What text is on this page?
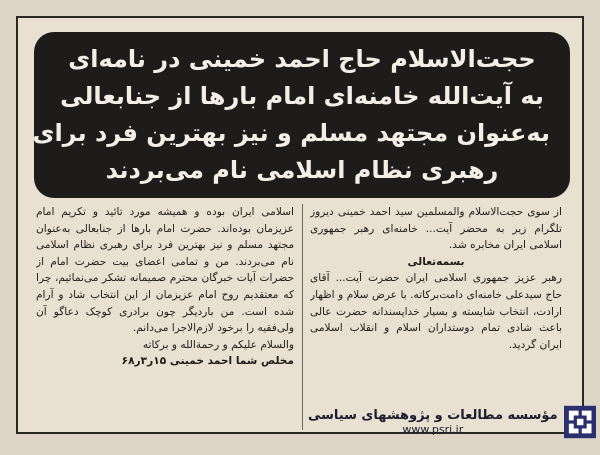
حجت‌الاسلام حاج احمد خمینی در نامه‌ای
به آیت‌الله خامنه‌ای امام بارها از جنابعالی
به‌عنوان مجتهد مسلم و نیز بهترین فرد برای
رهبری نظام اسلامی نام می‌بردند

از سوی حجت‌الاسلام والمسلمین سید احمد خمینی دیروز تلگرام زیر به محضر آیت... خامنه‌ای رهبر جمهوری اسلامی ایران مخابره شد.

بسمه‌تعالی

رهبر عزیز جمهوری اسلامی ایران حضرت آیت... آقای حاج سیدعلی خامنه‌ای دامت‌برکاته. با عرض سلام و اظهار ارادت، انتخاب شایسته و بسیار خداپسندانه حضرت عالی باعث شادی تمام دوستداران اسلام و انقلاب اسلامی ایران گردید.

اسلامی ایران بوده و همیشه مورد تائید و تکریم امام عزیزمان بوده‌اند. حضرت امام بارها از جنابعالی به‌عنوان مجتهد مسلم و نیز بهترین فرد برای رهبری نظام اسلامی نام می‌بردند. من و تمامی اعضای بیت حضرت امام از حضرات آیات خبرگان محترم صمیمانه تشکر می‌نمائیم، چرا که معتقدیم روح امام عزیزمان از این انتخاب شاد و آرام شده است. من باردیگر چون برادری کوچک دعاگو آن ولی‌فقیه را برخود لازم‌الاجرا می‌دانم.

والسلام علیکم و رحمة‌الله و برکاته

مخلص شما احمد خمینی ۱۵ر۳ر۶۸

مؤسسه مطالعات و پژوهشهای سیاسی
www.psri.ir
